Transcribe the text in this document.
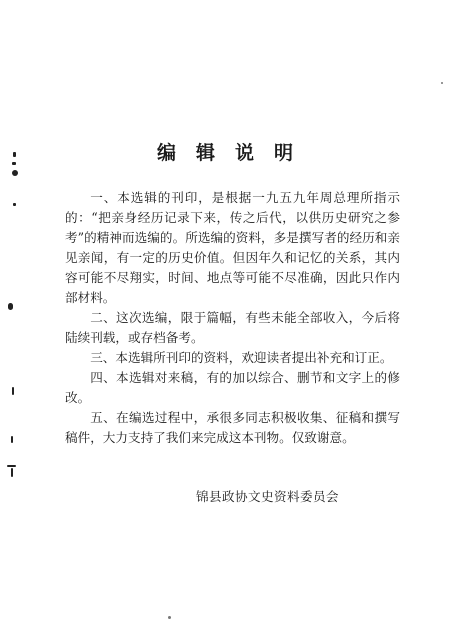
编辑说明

一、本选辑的刊印，是根据一九五九年周总理所指示的：“把亲身经历记录下来，传之后代，以供历史研究之参考”的精神而选编的。所选编的资料，多是撰写者的经历和亲见亲闻，有一定的历史价值。但因年久和记忆的关系，其内容可能不尽翔实，时间、地点等可能不尽准确，因此只作内部材料。

二、这次选编，限于篇幅，有些未能全部收入，今后将陆续刊载，或存档备考。

三、本选辑所刊印的资料，欢迎读者提出补充和订正。

四、本选辑对来稿，有的加以综合、删节和文字上的修改。

五、在编选过程中，承很多同志积极收集、征稿和撰写稿件，大力支持了我们来完成这本刊物。仅致谢意。

锦县政协文史资料委员会
